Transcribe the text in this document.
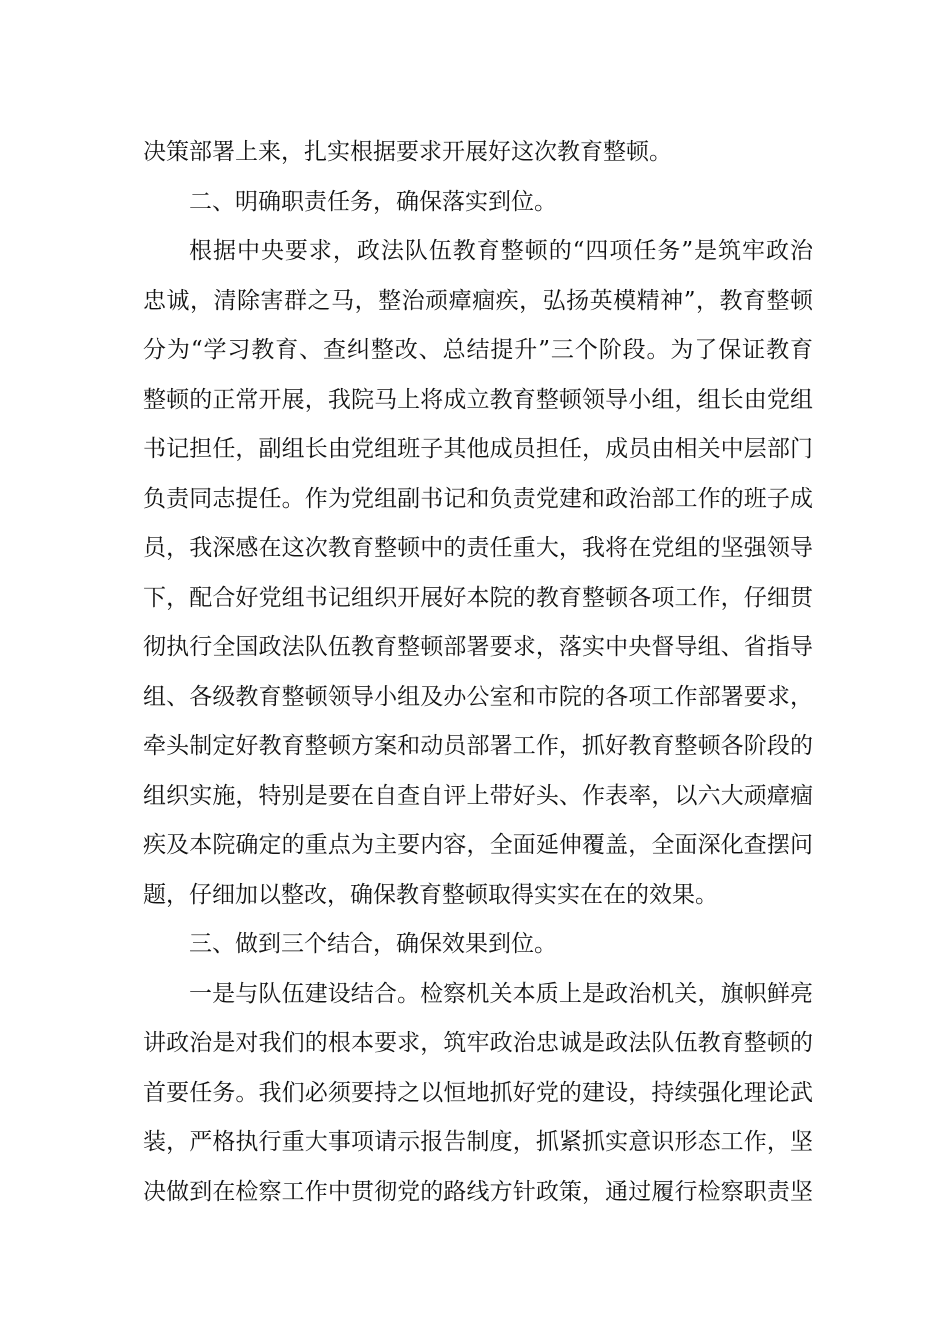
决策部署上来，扎实根据要求开展好这次教育整顿。
二、明确职责任务，确保落实到位。
根据中央要求，政法队伍教育整顿的“四项任务”是筑牢政治
忠诚，清除害群之马，整治顽瘴痼疾，弘扬英模精神”，教育整顿
分为“学习教育、查纠整改、总结提升”三个阶段。为了保证教育
整顿的正常开展，我院马上将成立教育整顿领导小组，组长由党组
书记担任，副组长由党组班子其他成员担任，成员由相关中层部门
负责同志提任。作为党组副书记和负责党建和政治部工作的班子成
员，我深感在这次教育整顿中的责任重大，我将在党组的坚强领导
下，配合好党组书记组织开展好本院的教育整顿各项工作，仔细贯
彻执行全国政法队伍教育整顿部署要求，落实中央督导组、省指导
组、各级教育整顿领导小组及办公室和市院的各项工作部署要求，
牵头制定好教育整顿方案和动员部署工作，抓好教育整顿各阶段的
组织实施，特别是要在自查自评上带好头、作表率，以六大顽瘴痼
疾及本院确定的重点为主要内容，全面延伸覆盖，全面深化查摆问
题，仔细加以整改，确保教育整顿取得实实在在的效果。
三、做到三个结合，确保效果到位。
一是与队伍建设结合。检察机关本质上是政治机关，旗帜鲜亮
讲政治是对我们的根本要求，筑牢政治忠诚是政法队伍教育整顿的
首要任务。我们必须要持之以恒地抓好党的建设，持续强化理论武
装，严格执行重大事项请示报告制度，抓紧抓实意识形态工作，坚
决做到在检察工作中贯彻党的路线方针政策，通过履行检察职责坚
